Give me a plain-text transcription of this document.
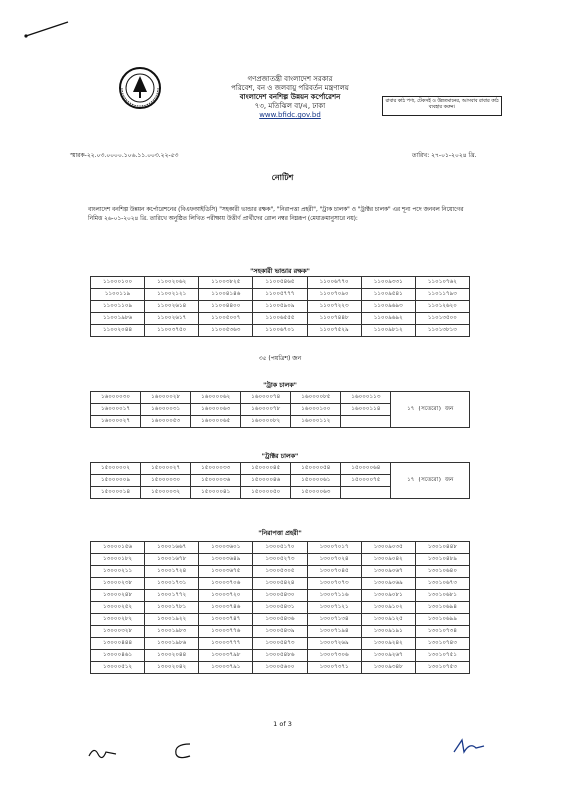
গণপ্রজাতন্ত্রী বাংলাদেশ সরকার
পরিবেশ, বন ও জলবায়ু পরিবর্তন মন্ত্রণালয়
বাংলাদেশ বনশিল্প উন্নয়ন কর্পোরেশন
৭৩, মতিঝিল বা/এ, ঢাকা
www.bfidc.gov.bd
রাবার কাঠ পণ্য, টেকসই ও উন্নতমানের, আসবাব রাবার কাঠ ব্যবহার করুন।
স্মারক-২২.০৩.০০০০.১০৬.১১.০০৩.২২-৫৩	তারিখ: ২৭-০১-২০২৪ খ্রি.
নোটিশ
বাংলাদেশ বনশিল্প উন্নয়ন কর্পোরেশনের (বিএফআইডিসি) "সহকারী ভান্ডার রক্ষক", "নিরাপত্তা প্রহরী", "ট্রাক চালক" ও "ট্রাক্টর চালক" এর শূন্য পদে জনবল নিয়োগের নিমিত্ত ২৬-০১-২০২৪ খ্রি. তারিখে অনুষ্ঠিত লিখিত পরীক্ষায় উত্তীর্ণ প্রার্থীদের রোল নম্বর নিম্নরূপ (মেধাক্রমানুসারে নয়):
"সহকারী ভান্ডার রক্ষক"
১১০০০১০০	১১০০২০৬২	১১০০৩৮২৫	১১০০৫৪৬৫	১১০০৬৭৭০	১১০০৯৩৩১	১১০১০৭৬২
১১০০১১৯	১১০০২১২১	১১০০৪১৪৬	১১০০৫৭৭৭	১১০০৭০৯০	১১০০৯৫৪১	১১০১১৭৯৩
১১০০১১০৯	১১০০২৬১৪	১১০০৪৪০০	১১০০৫৯০৯	১১০০৭২২৩	১১০০৯৬৯৩	১১০১২৬২০
১১০০১৯৮৬	১১০০২৬১৭	১১০০৫০০৭	১১০০৬৫৫৫	১১০০৭৪৪৮	১১০০৯৬৯২	১১০১৩৫০০
১১০০২০৪৪	১১০০৩৭৫০	১১০০৫৩৬৩	১১০০৬৭০১	১১০০৭৫২৯	১১০০৯৮১২	১১০১৩৮১৩
৩৫ (পয়ত্রিশ) জন
"ট্রাক চালক"
১৬০০০০৩০	১৬০০০০২৮	১৬০০০০৬২	১৬০০০০৭৪	১৬০০০০৮৫	১৬০০০১১৩	১৭ (সতেরো) জন
১৬০০০০১৭	১৬০০০০৩১	১৬০০০০৬৩	১৬০০০০৭৮	১৬০০০১০০	১৬০০০১১৪	
১৬০০০০২৭	১৬০০০০৫৩	১৬০০০০৬৫	১৬০০০০৮২	১৬০০০১১২		
"ট্রাক্টর চালক"
১৫০০০০০২	১৫০০০০২৭	১৫০০০০৩৩	১৫০০০০৪৫	১৫০০০০৫৪	১৫০০০০৬৪	১৭ (সতেরো) জন
১৫০০০০০৯	১৫০০০০৩০	১৫০০০০৩৬	১৫০০০০৪৬	১৫০০০০৬১	১৫০০০০৭৫	
১৫০০০০১৪	১৫০০০০৩২	১৫০০০০৪১	১৫০০০০৫০	১৫০০০০৬৩		
"নিরাপত্তা প্রহরী"
১৩০০০১৫৬	১৩০০১৬৬৭	১৩০০৩৬০১	১৩০০৫১৭০	১৩০০৭০১৭	১৩০০৯০৩৫	১৩০১০৪৪৮
১৩০০০১৮২	১৩০০১৬৭৮	১৩০০৩৬৪৯	১৩০০৫২৭৩	১৩০০৭০২৪	১৩০০৯০৪২	১৩০১০৪৮৯
১৩০০০২১১	১৩০০১৭২৪	১৩০০৩৬৭৫	১৩০০৫৩০৫	১৩০০৭০৪৫	১৩০০৯০৬৭	১৩০১০৬৪০
১৩০০০২৩৮	১৩০০১৭৩১	১৩০০৩৭০৬	১৩০০৫৪২৪	১৩০০৭০৭৩	১৩০০৯০৬৯	১৩০১০৬৭৩
১৩০০০২৪৮	১৩০০১৭৭২	১৩০০৩৭২০	১৩০০৫৪৩০	১৩০০৭১১৬	১৩০০৯০৮১	১৩০১০৬৮১
১৩০০০২৫২	১৩০০১৭৮১	১৩০০৩৭৪৬	১৩০০৫৪৩১	১৩০০৭১২১	১৩০০৯১০২	১৩০১০৬৯৪
১৩০০০২৮২	১৩০০১৯২২	১৩০০৩৭৪৭	১৩০০৫৪৩৬	১৩০০৭১৩৪	১৩০০৯১২৫	১৩০১০৬৯৯
১৩০০০৩২৮	১৩০০১৯৮৩	১৩০০৩৭৭৬	১৩০০৫৪৩৯	১৩০০৭১৯৪	১৩০০৯১৯১	১৩০১০৭৩৪
১৩০০০৪৪৪	১৩০০১৯৮৬	১৩০০৩৭৭৭	১৩০০৫৪৭৩	১৩০০৭২৬৯	১৩০০৯২৪২	১৩০১০৭৪৩
১৩০০০৪৬১	১৩০০২০৪৪	১৩০০৩৭৯৮	১৩০০৫৪৮৬	১৩০০৭৩০৬	১৩০০৯২৬৭	১৩০১০৭৫১
১৩০০০৫১২	১৩০০২০৪২	১৩০০৩৭৯১	১৩০০৫৬০০	১৩০০৭৩৭১	১৩০০৯৩৪৮	১৩০১০৭৫৩
1 of 3
